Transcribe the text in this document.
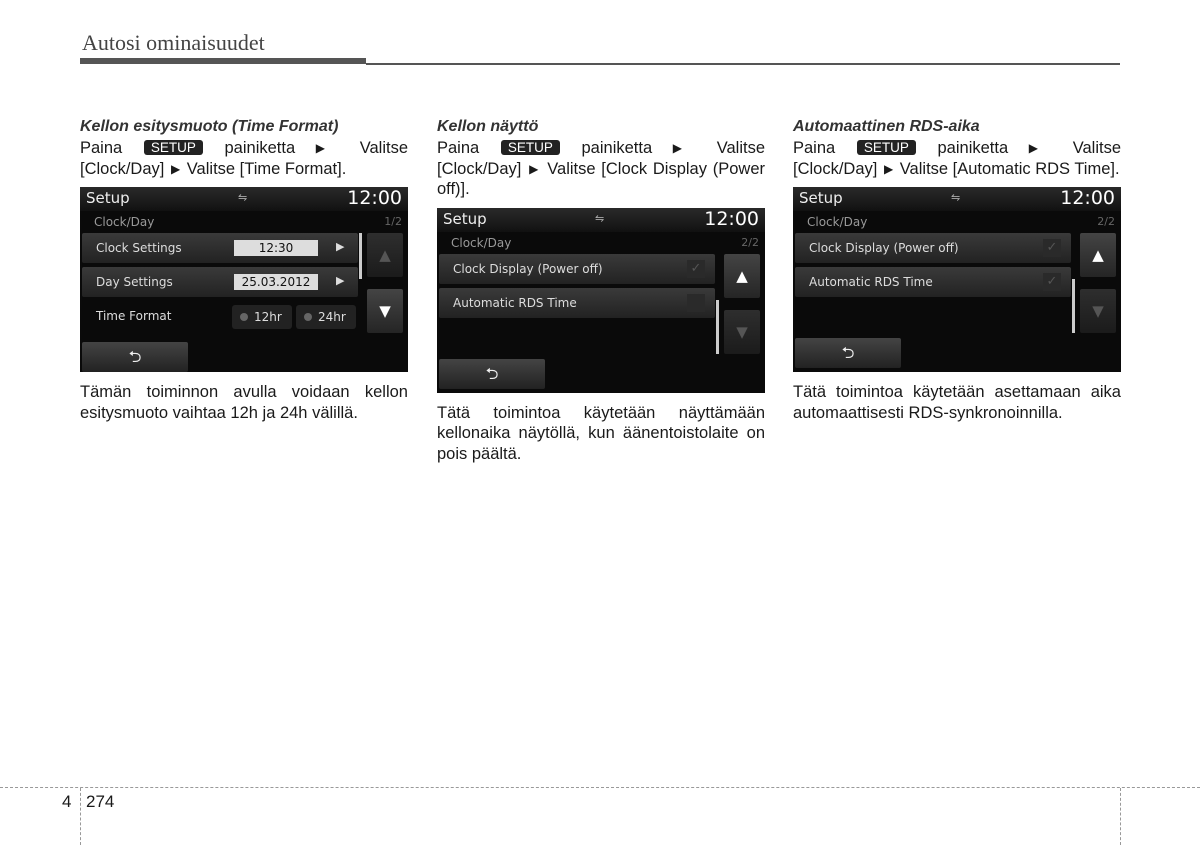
Autosi ominaisuudet
Kellon esitysmuoto (Time Format)
Paina SETUP painiketta ▶ Valitse [Clock/Day] ▶ Valitse [Time Format].
Setup	⇋	12:00
Clock/Day	1/2
Clock Settings	12:30	▶
Day Settings	25.03.2012	▶
Time Format	12hr	24hr
▲
▼
⮌
Tämän toiminnon avulla voidaan kellon esitysmuoto vaihtaa 12h ja 24h välillä.
Kellon näyttö
Paina SETUP painiketta ▶ Valitse [Clock/Day] ▶ Valitse [Clock Display (Power off)].
Setup	⇋	12:00
Clock/Day	2/2
Clock Display (Power off)	✓
Automatic RDS Time
▲
▼
⮌
Tätä toimintoa käytetään näyttämään kellonaika näytöllä, kun äänentoistolaite on pois päältä.
Automaattinen RDS-aika
Paina SETUP painiketta ▶ Valitse [Clock/Day] ▶ Valitse [Automatic RDS Time].
Setup	⇋	12:00
Clock/Day	2/2
Clock Display (Power off)	✓
Automatic RDS Time	✓
▲
▼
⮌
Tätä toimintoa käytetään asettamaan aika automaattisesti RDS-synkronoinnilla.
4 274
